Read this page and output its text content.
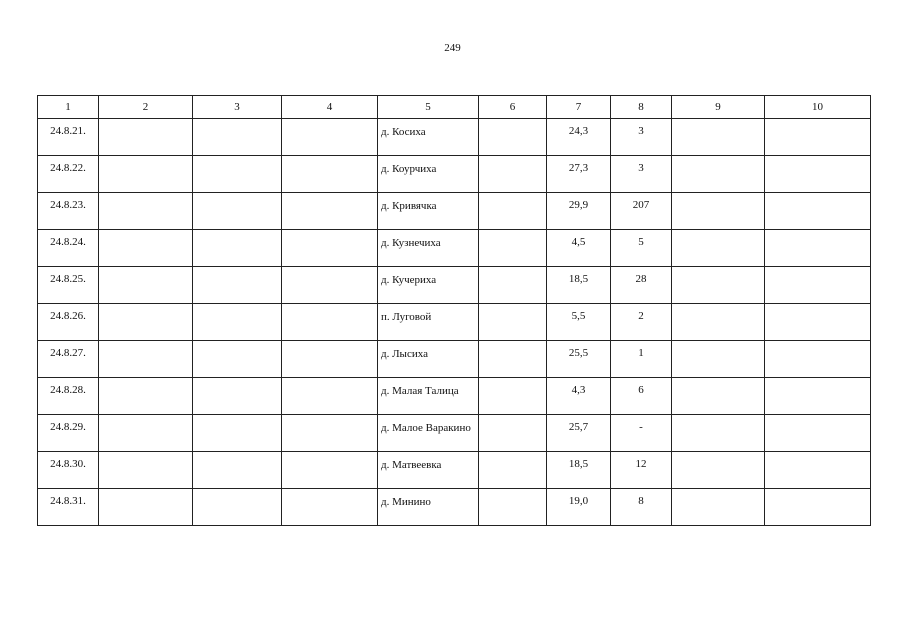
249
1	2	3	4	5	6	7	8	9	10
24.8.21.				д. Косиха		24,3	3		
24.8.22.				д. Коурчиха		27,3	3		
24.8.23.				д. Кривячка		29,9	207		
24.8.24.				д. Кузнечиха		4,5	5		
24.8.25.				д. Кучериха		18,5	28		
24.8.26.				п. Луговой		5,5	2		
24.8.27.				д. Лысиха		25,5	1		
24.8.28.				д. Малая Талица		4,3	6		
24.8.29.				д. Малое Варакино		25,7	-		
24.8.30.				д. Матвеевка		18,5	12		
24.8.31.				д. Минино		19,0	8		
